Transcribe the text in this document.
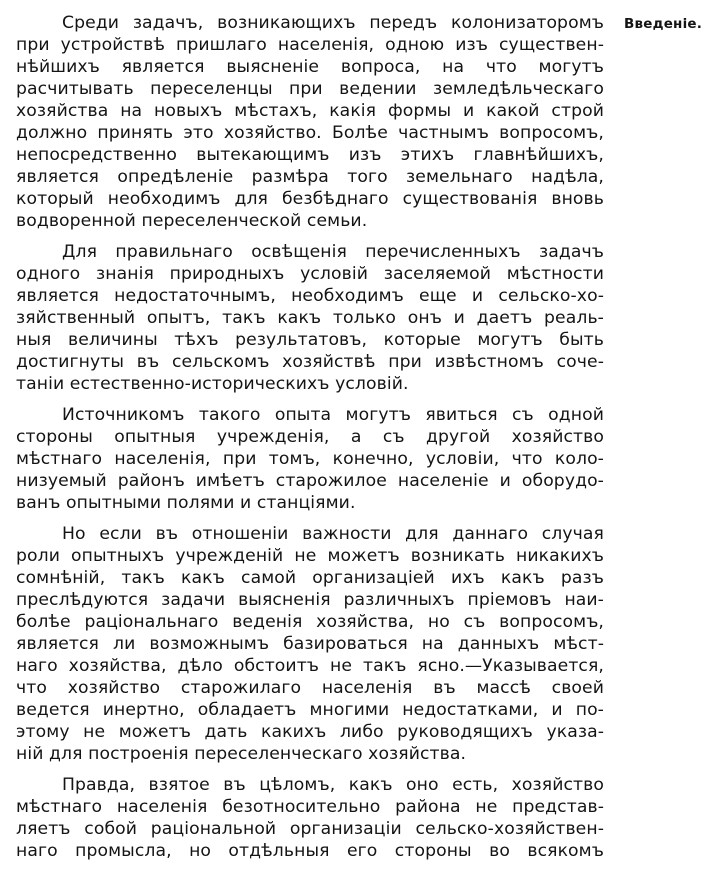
Введеніе.
Среди задачъ, возникающихъ передъ колонизаторомъ
при устройствѣ пришлаго населенія, одною изъ существен-
нѣйшихъ является выясненіе вопроса, на что могутъ
расчитывать переселенцы при ведении земледѣльческаго
хозяйства на новыхъ мѣстахъ, какія формы и какой строй
должно принять это хозяйство. Болѣе частнымъ вопросомъ,
непосредственно вытекающимъ изъ этихъ главнѣйшихъ,
является опредѣленіе размѣра того земельнаго надѣла,
который необходимъ для безбѣднаго существованія вновь
водворенной переселенческой семьи.
Для правильнаго освѣщенія перечисленныхъ задачъ
одного знанія природныхъ условій заселяемой мѣстности
является недостаточнымъ, необходимъ еще и сельско-хо-
зяйственный опытъ, такъ какъ только онъ и даетъ реаль-
ныя величины тѣхъ результатовъ, которые могутъ быть
достигнуты въ сельскомъ хозяйствѣ при извѣстномъ соче-
таніи естественно-историческихъ условій.
Источникомъ такого опыта могутъ явиться съ одной
стороны опытныя учрежденія, а съ другой хозяйство
мѣстнаго населенія, при томъ, конечно, условіи, что коло-
низуемый районъ имѣетъ старожилое населеніе и оборудо-
ванъ опытными полями и станціями.
Но если въ отношеніи важности для даннаго случая
роли опытныхъ учрежденій не можетъ возникать никакихъ
сомнѣній, такъ какъ самой организаціей ихъ какъ разъ
преслѣдуются задачи выясненія различныхъ пріемовъ наи-
болѣе раціональнаго веденія хозяйства, но съ вопросомъ,
является ли возможнымъ базироваться на данныхъ мѣст-
наго хозяйства, дѣло обстоитъ не такъ ясно.—Указывается,
что хозяйство старожилаго населенія въ массѣ своей
ведется инертно, обладаетъ многими недостатками, и по-
этому не можетъ дать какихъ либо руководящихъ указа-
ній для построенія переселенческаго хозяйства.
Правда, взятое въ цѣломъ, какъ оно есть, хозяйство
мѣстнаго населенія безотносительно района не представ-
ляетъ собой раціональной организаціи сельско-хозяйствен-
наго промысла, но отдѣльныя его стороны во всякомъ
